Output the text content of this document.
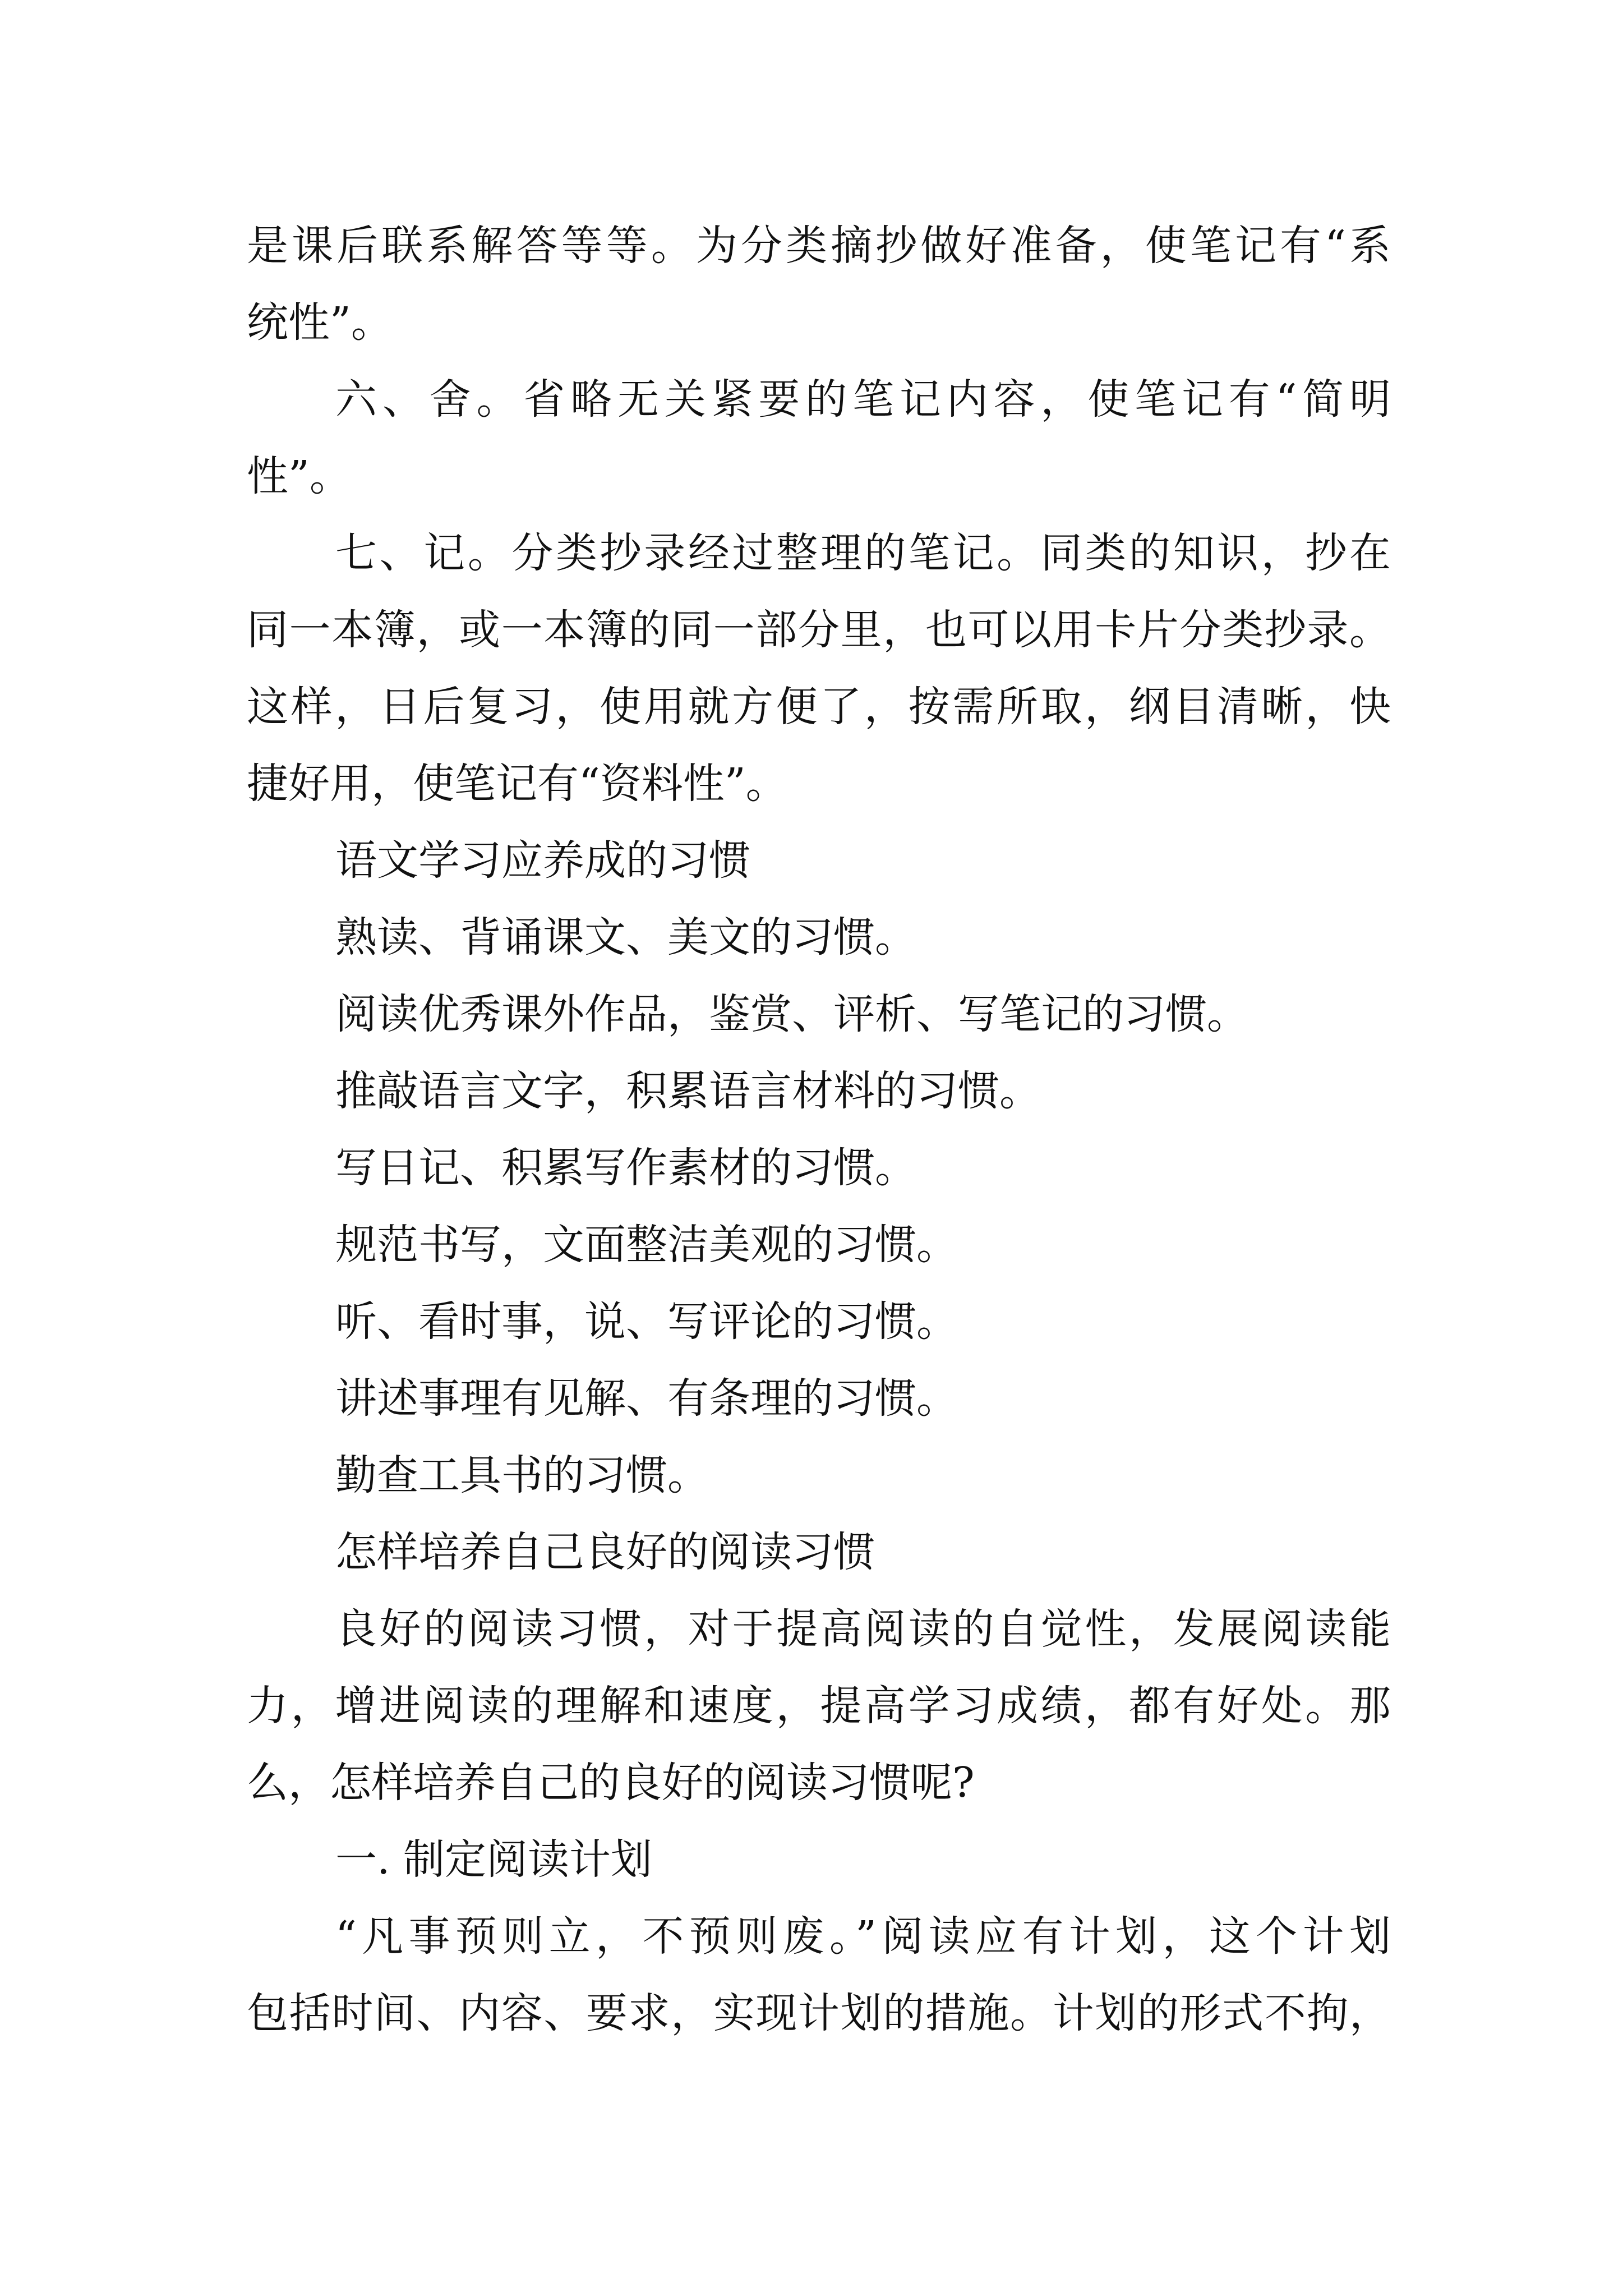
是课后联系解答等等。为分类摘抄做好准备，使笔记有“系
统性”。
六、舍。省略无关紧要的笔记内容，使笔记有“简明
性”。
七、记。分类抄录经过整理的笔记。同类的知识，抄在
同一本簿，或一本簿的同一部分里，也可以用卡片分类抄录。
这样，日后复习，使用就方便了，按需所取，纲目清晰，快
捷好用，使笔记有“资料性”。
语文学习应养成的习惯
熟读、背诵课文、美文的习惯。
阅读优秀课外作品，鉴赏、评析、写笔记的习惯。
推敲语言文字，积累语言材料的习惯。
写日记、积累写作素材的习惯。
规范书写，文面整洁美观的习惯。
听、看时事，说、写评论的习惯。
讲述事理有见解、有条理的习惯。
勤查工具书的习惯。
怎样培养自己良好的阅读习惯
良好的阅读习惯，对于提高阅读的自觉性，发展阅读能
力，增进阅读的理解和速度，提高学习成绩，都有好处。那
么，怎样培养自己的良好的阅读习惯呢?
一. 制定阅读计划
“凡事预则立，不预则废。”阅读应有计划，这个计划
包括时间、内容、要求，实现计划的措施。计划的形式不拘，
